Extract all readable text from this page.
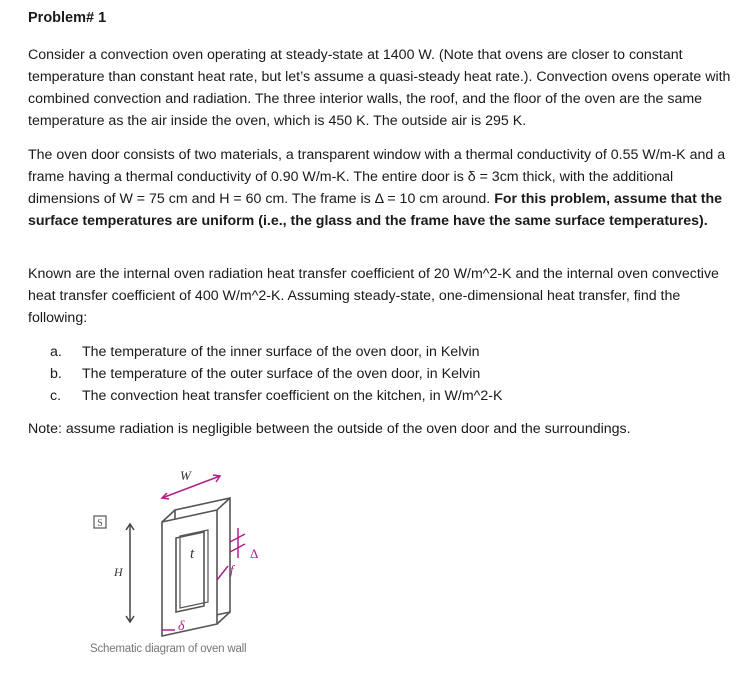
Problem# 1

Consider a convection oven operating at steady-state at 1400 W. (Note that ovens are closer to constant temperature than constant heat rate, but let’s assume a quasi-steady heat rate.). Convection ovens operate with combined convection and radiation. The three interior walls, the roof, and the floor of the oven are the same temperature as the air inside the oven, which is 450 K. The outside air is 295 K.

The oven door consists of two materials, a transparent window with a thermal conductivity of 0.55 W/m-K and a frame having a thermal conductivity of 0.90 W/m-K. The entire door is δ = 3cm thick, with the additional dimensions of W = 75 cm and H = 60 cm. The frame is Δ = 10 cm around. For this problem, assume that the surface temperatures are uniform (i.e., the glass and the frame have the same surface temperatures).

Known are the internal oven radiation heat transfer coefficient of 20 W/m^2-K and the internal oven convective heat transfer coefficient of 400 W/m^2-K. Assuming steady-state, one-dimensional heat transfer, find the following:

a.	The temperature of the inner surface of the oven door, in Kelvin
b.	The temperature of the outer surface of the oven door, in Kelvin
c.	The convection heat transfer coefficient on the kitchen, in W/m^2-K

Note: assume radiation is negligible between the outside of the oven door and the surroundings.

S
W
H
t
f
Δ
δ
Schematic diagram of oven wall
